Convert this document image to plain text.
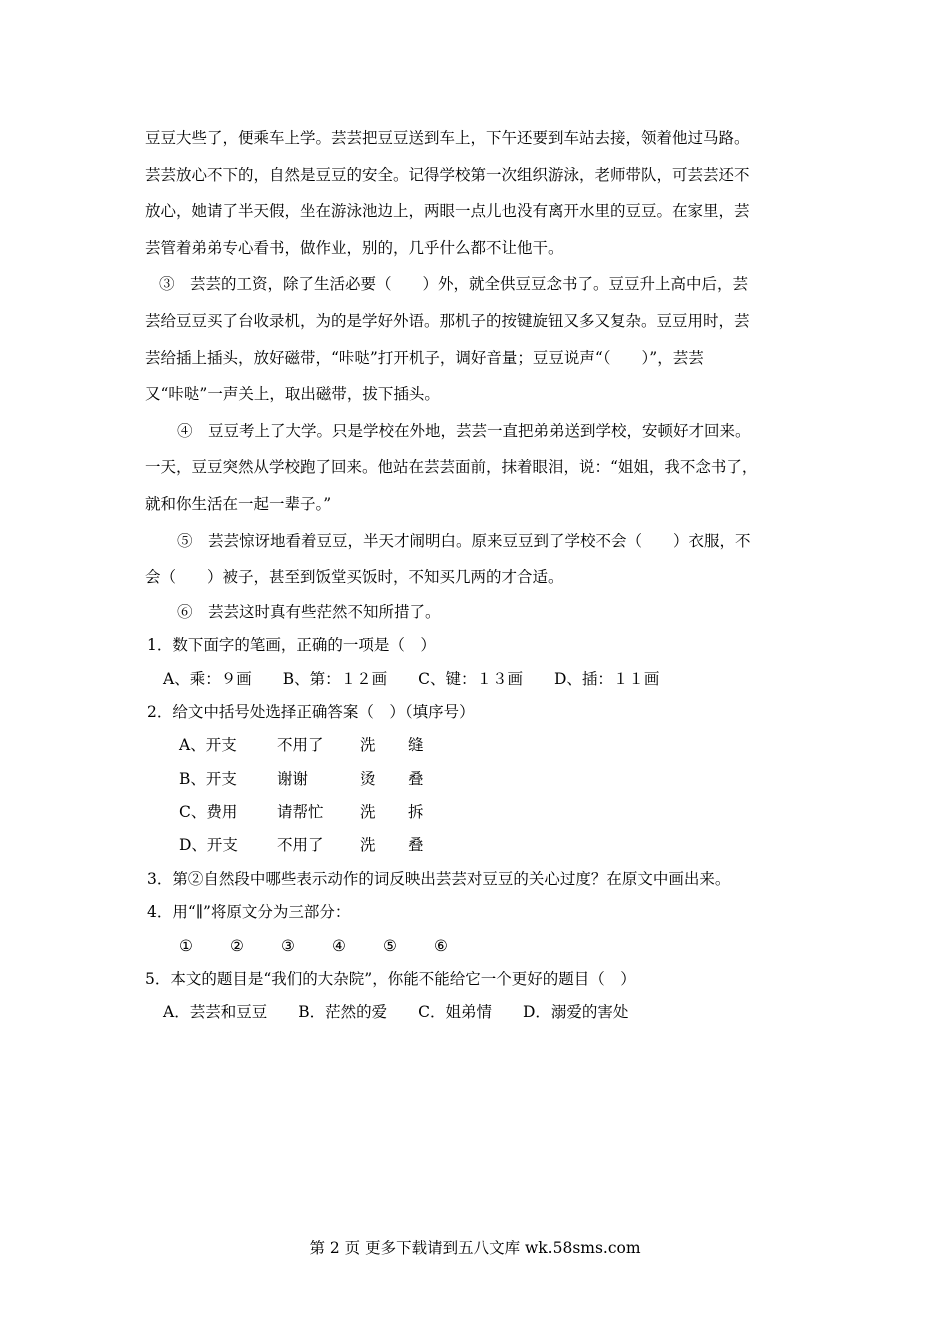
豆豆大些了，便乘车上学。芸芸把豆豆送到车上，下午还要到车站去接，领着他过马路。
芸芸放心不下的，自然是豆豆的安全。记得学校第一次组织游泳，老师带队，可芸芸还不
放心，她请了半天假，坐在游泳池边上，两眼一点儿也没有离开水里的豆豆。在家里，芸
芸管着弟弟专心看书，做作业，别的，几乎什么都不让他干。
③　芸芸的工资，除了生活必要（　　）外，就全供豆豆念书了。豆豆升上高中后，芸
芸给豆豆买了台收录机，为的是学好外语。那机子的按键旋钮又多又复杂。豆豆用时，芸
芸给插上插头，放好磁带，“咔哒”打开机子，调好音量；豆豆说声“（　　）”，芸芸
又“咔哒”一声关上，取出磁带，拔下插头。
④　豆豆考上了大学。只是学校在外地，芸芸一直把弟弟送到学校，安顿好才回来。
一天，豆豆突然从学校跑了回来。他站在芸芸面前，抹着眼泪，说：“姐姐，我不念书了，
就和你生活在一起一辈子。”
⑤　芸芸惊讶地看着豆豆，半天才闹明白。原来豆豆到了学校不会（　　）衣服，不
会（　　）被子，甚至到饭堂买饭时，不知买几两的才合适。
⑥　芸芸这时真有些茫然不知所措了。
1．数下面字的笔画，正确的一项是（　）
A、乘：９画　　B、第：１２画　　C、键：１３画　　D、插：１１画
2．给文中括号处选择正确答案（　）（填序号）
A、开支	不用了 洗 缝
B、开支	谢谢	烫 叠
C、费用	请帮忙 洗 拆
D、开支	不用了 洗 叠
3．第②自然段中哪些表示动作的词反映出芸芸对豆豆的关心过度？在原文中画出来。
4．用“∥”将原文分为三部分：
① ② ③ ④ ⑤ ⑥
5．本文的题目是“我们的大杂院”，你能不能给它一个更好的题目（　）
A．芸芸和豆豆　　B．茫然的爱　　C．姐弟情　　D．溺爱的害处
第 2 页 更多下载请到五八文库 wk.58sms.com
